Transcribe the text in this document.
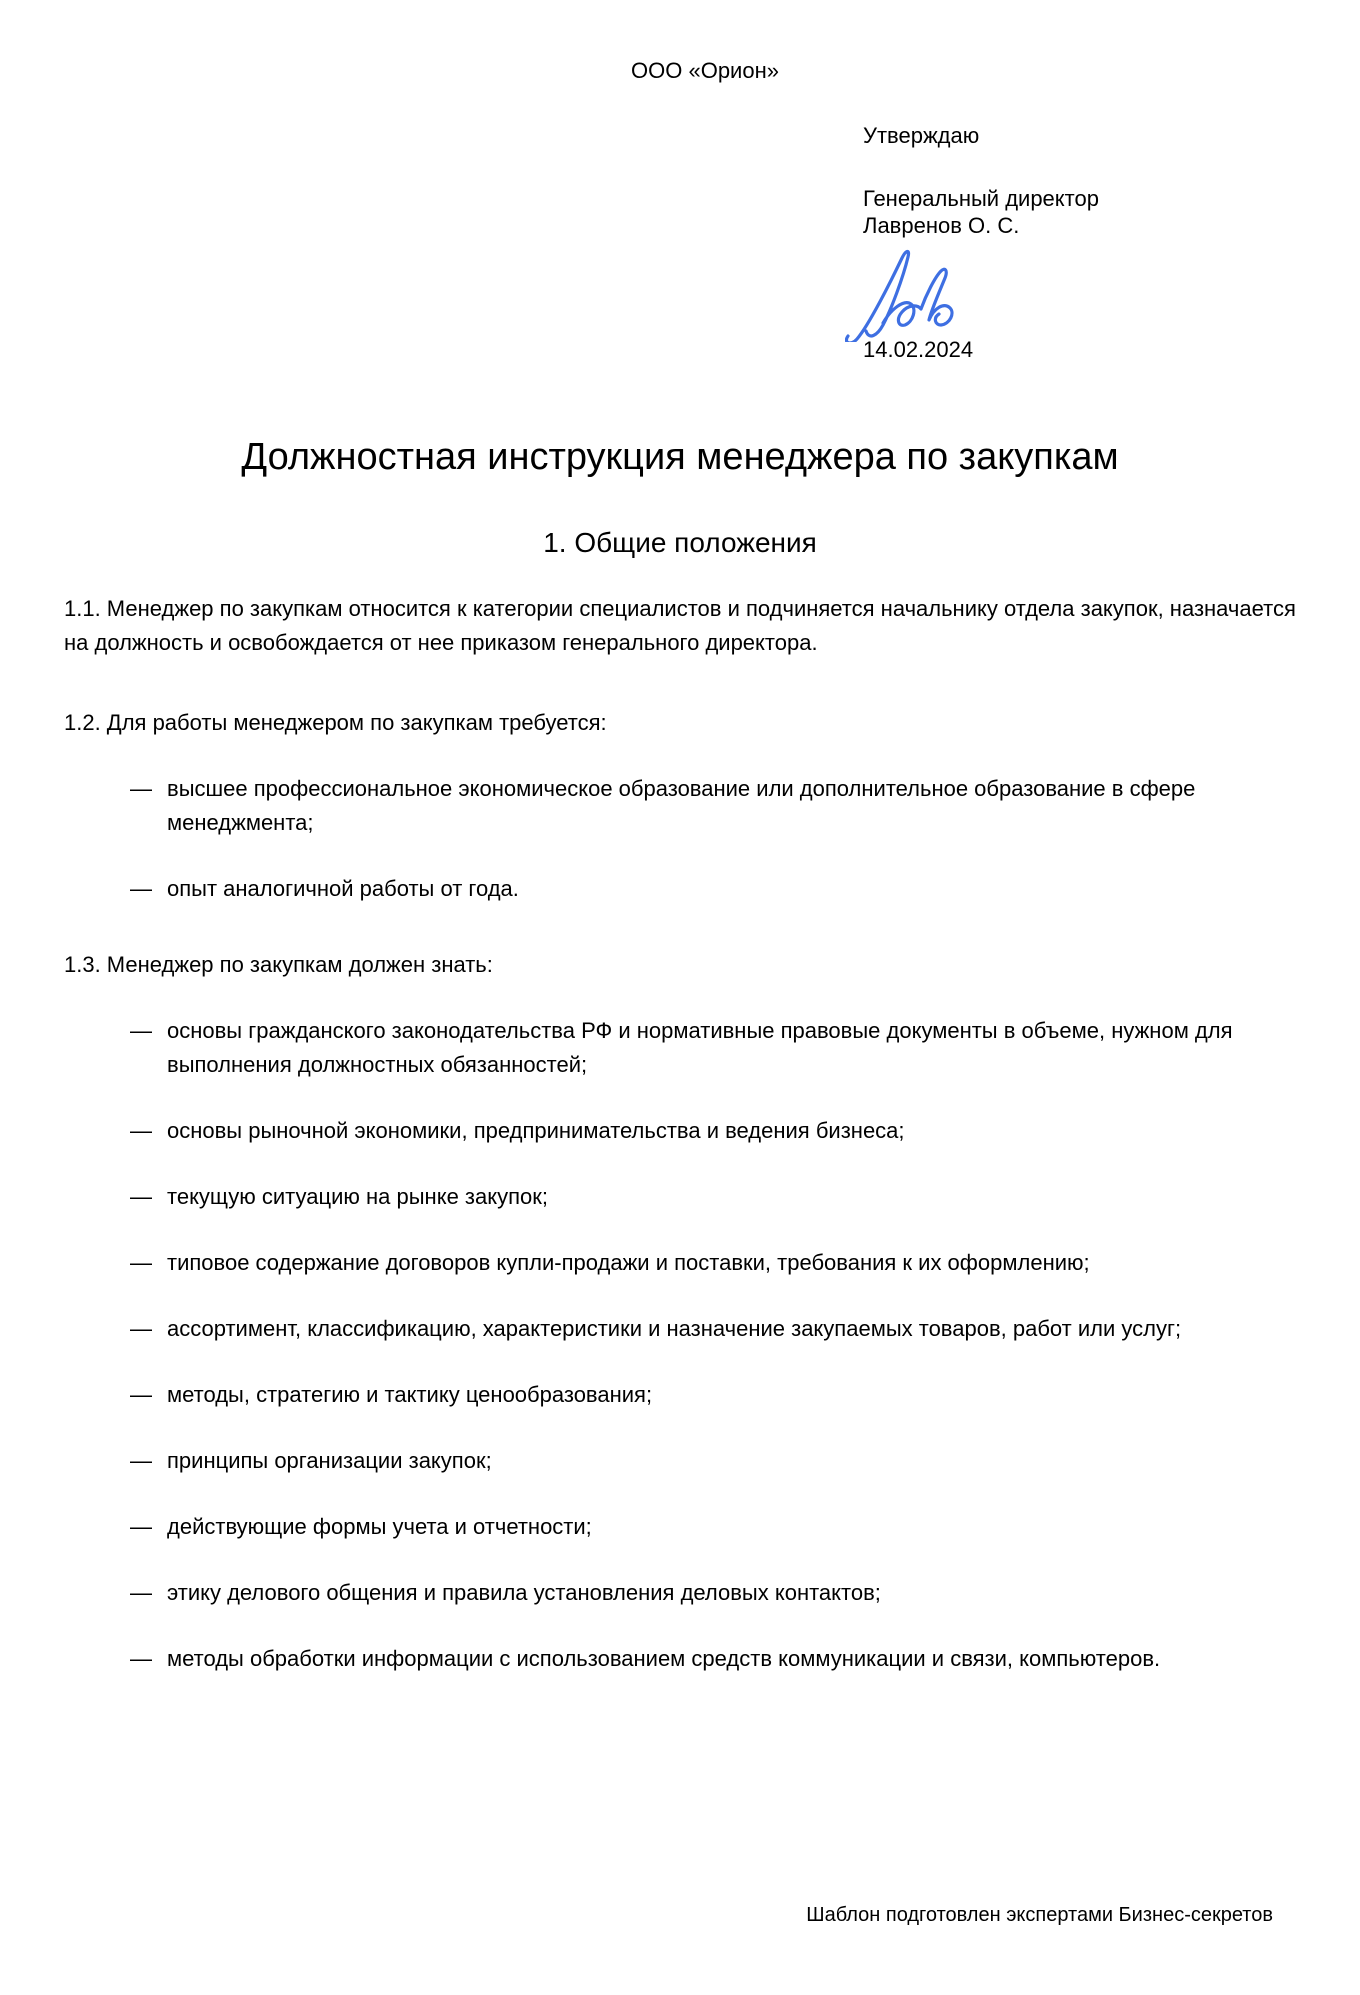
ООО «Орион»
Утверждаю
Генеральный директор
Лавренов О. С.
14.02.2024
Должностная инструкция менеджера по закупкам
1. Общие положения

1.1. Менеджер по закупкам относится к категории специалистов и подчиняется начальнику отдела закупок, назначается на должность и освобождается от нее приказом генерального директора.

1.2. Для работы менеджером по закупкам требуется:

— высшее профессиональное экономическое образование или дополнительное образование в сфере менеджмента;
— опыт аналогичной работы от года.

1.3. Менеджер по закупкам должен знать:

— основы гражданского законодательства РФ и нормативные правовые документы в объеме, нужном для выполнения должностных обязанностей;
— основы рыночной экономики, предпринимательства и ведения бизнеса;
— текущую ситуацию на рынке закупок;
— типовое содержание договоров купли-продажи и поставки, требования к их оформлению;
— ассортимент, классификацию, характеристики и назначение закупаемых товаров, работ или услуг;
— методы, стратегию и тактику ценообразования;
— принципы организации закупок;
— действующие формы учета и отчетности;
— этику делового общения и правила установления деловых контактов;
— методы обработки информации с использованием средств коммуникации и связи, компьютеров.
Шаблон подготовлен экспертами Бизнес-секретов
